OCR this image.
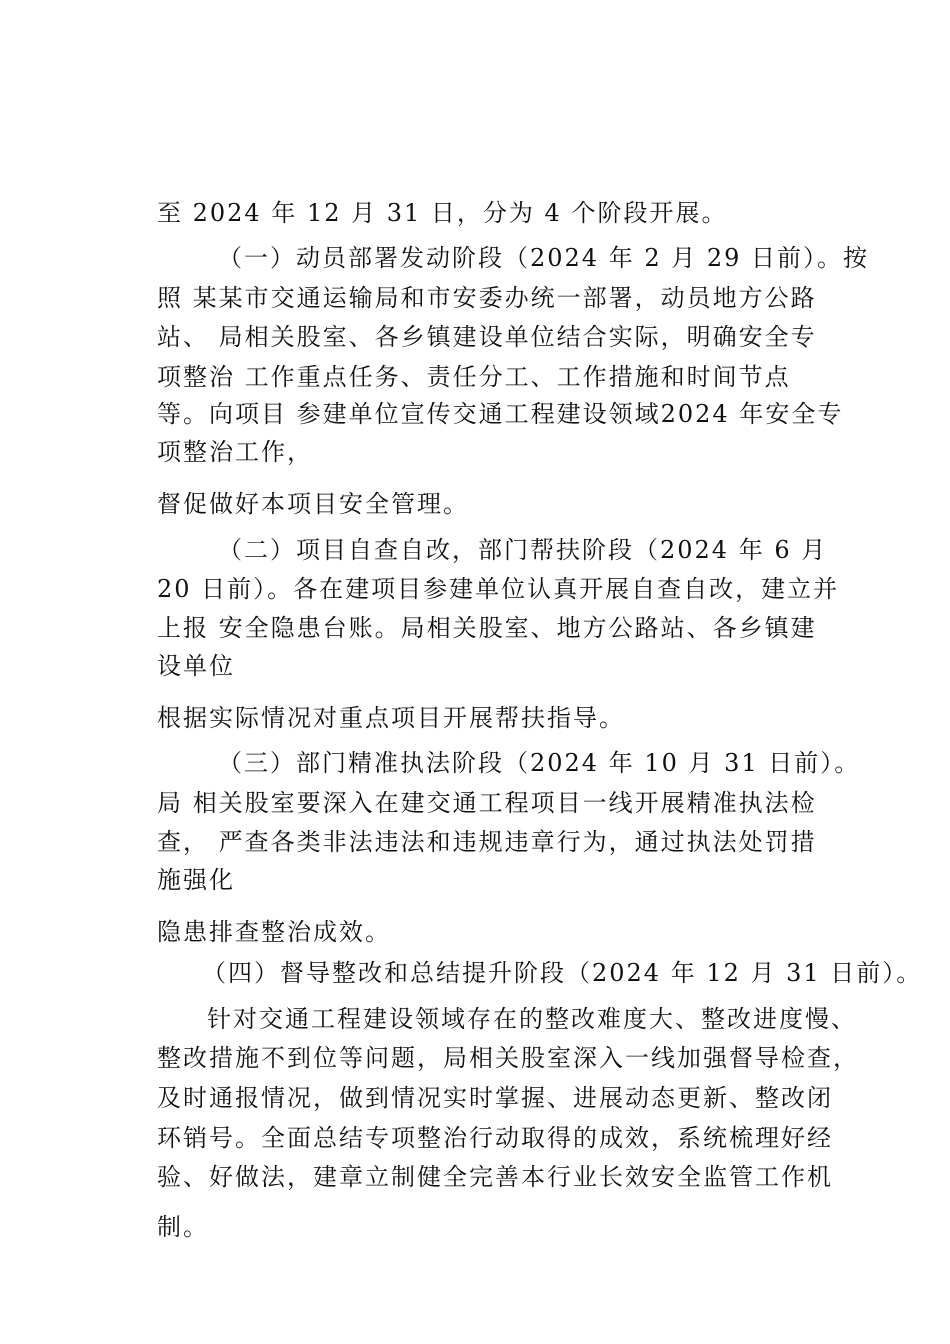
至 2024 年 12 月 31 日，分为 4 个阶段开展。
（一）动员部署发动阶段（2024 年 2 月 29 日前）。按
照 某某市交通运输局和市安委办统一部署，动员地方公路
站、 局相关股室、各乡镇建设单位结合实际，明确安全专
项整治 工作重点任务、责任分工、工作措施和时间节点
等。向项目 参建单位宣传交通工程建设领域2024 年安全专
项整治工作，
督促做好本项目安全管理。
（二）项目自查自改，部门帮扶阶段（2024 年 6 月
20 日前）。各在建项目参建单位认真开展自查自改，建立并
上报 安全隐患台账。局相关股室、地方公路站、各乡镇建
设单位
根据实际情况对重点项目开展帮扶指导。
（三）部门精准执法阶段（2024 年 10 月 31 日前）。
局 相关股室要深入在建交通工程项目一线开展精准执法检
查， 严查各类非法违法和违规违章行为，通过执法处罚措
施强化
隐患排查整治成效。
（四）督导整改和总结提升阶段（2024 年 12 月 31 日前）。
针对交通工程建设领域存在的整改难度大、整改进度慢、
整改措施不到位等问题，局相关股室深入一线加强督导检查，
及时通报情况，做到情况实时掌握、进展动态更新、整改闭
环销号。全面总结专项整治行动取得的成效，系统梳理好经
验、好做法，建章立制健全完善本行业长效安全监管工作机
制。
